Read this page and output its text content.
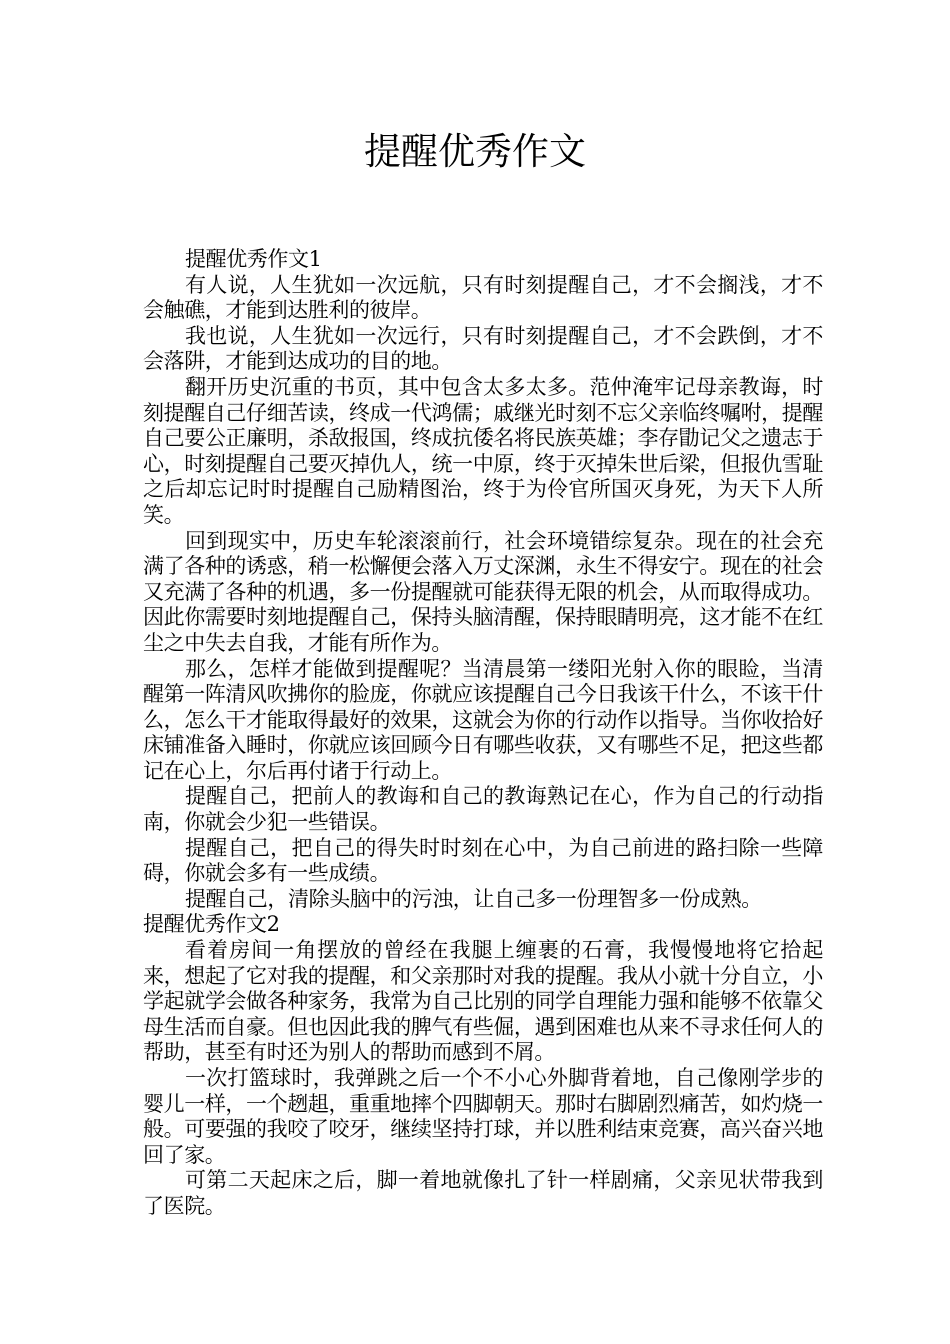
提醒优秀作文

提醒优秀作文1

有人说，人生犹如一次远航，只有时刻提醒自己，才不会搁浅，才不会触礁，才能到达胜利的彼岸。

我也说，人生犹如一次远行，只有时刻提醒自己，才不会跌倒，才不会落阱，才能到达成功的目的地。

翻开历史沉重的书页，其中包含太多太多。范仲淹牢记母亲教诲，时刻提醒自己仔细苦读，终成一代鸿儒；戚继光时刻不忘父亲临终嘱咐，提醒自己要公正廉明，杀敌报国，终成抗倭名将民族英雄；李存勖记父之遗志于心，时刻提醒自己要灭掉仇人，统一中原，终于灭掉朱世后梁，但报仇雪耻之后却忘记时时提醒自己励精图治，终于为伶官所国灭身死，为天下人所笑。

回到现实中，历史车轮滚滚前行，社会环境错综复杂。现在的社会充满了各种的诱惑，稍一松懈便会落入万丈深渊，永生不得安宁。现在的社会又充满了各种的机遇，多一份提醒就可能获得无限的机会，从而取得成功。因此你需要时刻地提醒自己，保持头脑清醒，保持眼睛明亮，这才能不在红尘之中失去自我，才能有所作为。

那么，怎样才能做到提醒呢？当清晨第一缕阳光射入你的眼睑，当清醒第一阵清风吹拂你的脸庞，你就应该提醒自己今日我该干什么，不该干什么，怎么干才能取得最好的效果，这就会为你的行动作以指导。当你收拾好床铺准备入睡时，你就应该回顾今日有哪些收获，又有哪些不足，把这些都记在心上，尔后再付诸于行动上。

提醒自己，把前人的教诲和自己的教诲熟记在心，作为自己的行动指南，你就会少犯一些错误。

提醒自己，把自己的得失时时刻在心中，为自己前进的路扫除一些障碍，你就会多有一些成绩。

提醒自己，清除头脑中的污浊，让自己多一份理智多一份成熟。

提醒优秀作文2

看着房间一角摆放的曾经在我腿上缠裹的石膏，我慢慢地将它拾起来，想起了它对我的提醒，和父亲那时对我的提醒。我从小就十分自立，小学起就学会做各种家务，我常为自己比别的同学自理能力强和能够不依靠父母生活而自豪。但也因此我的脾气有些倔，遇到困难也从来不寻求任何人的帮助，甚至有时还为别人的帮助而感到不屑。

一次打篮球时，我弹跳之后一个不小心外脚背着地，自己像刚学步的婴儿一样，一个趔趄，重重地摔个四脚朝天。那时右脚剧烈痛苦，如灼烧一般。可要强的我咬了咬牙，继续坚持打球，并以胜利结束竞赛，高兴奋兴地回了家。

可第二天起床之后，脚一着地就像扎了针一样剧痛，父亲见状带我到了医院。
